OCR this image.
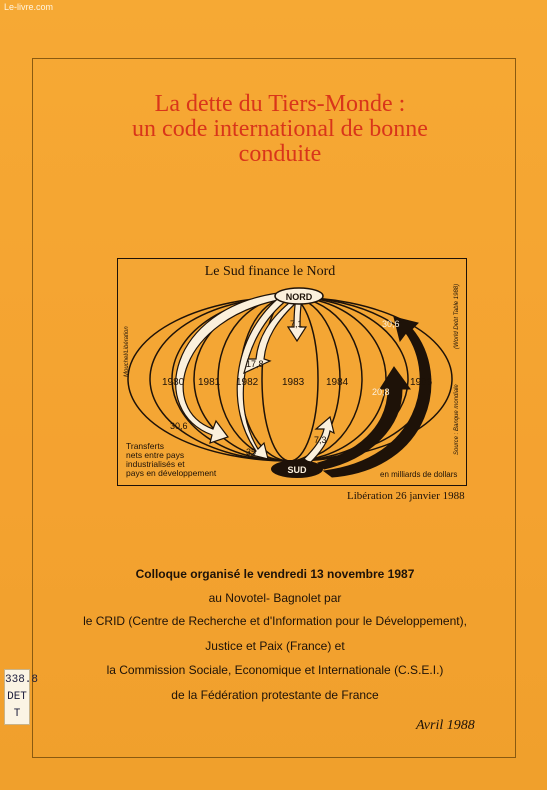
Le-livre.com
La dette du Tiers-Monde :
un code international de bonne
conduite
Le Sud finance le Nord
NORD
SUD
1980 1981 1982 1983 1984	1986
30,6
35
17,8
7,1
7,3
20,8
30,6
Transferts
nets entre pays
industrialisés et
pays en développement	en milliards de dollars
Mouchel/Libération
(World Debt Table 1988)
Source : Banque mondiale
Libération 26 janvier 1988
Colloque organisé le vendredi 13 novembre 1987
au Novotel- Bagnolet par
le CRID (Centre de Recherche et d'Information pour le Développement),
Justice et Paix (France) et
la Commission Sociale, Economique et Internationale (C.S.E.I.)
de la Fédération protestante de France
Avril 1988
338.8
DET
T
